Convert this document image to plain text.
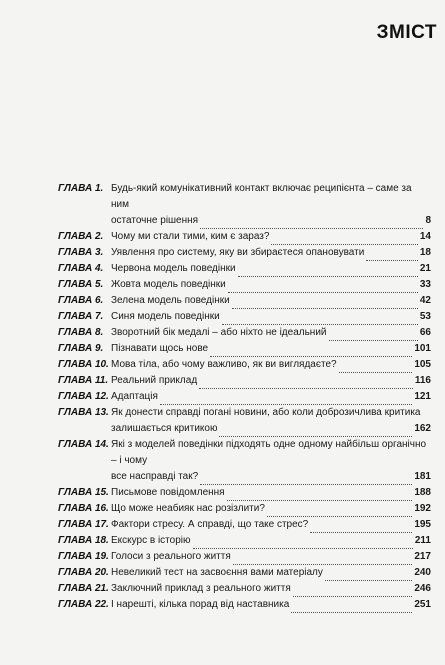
ЗМІСТ
ГЛАВА 1. Будь-який комунікативний контакт включає реципієнта – саме за ним
остаточне рішення	8
ГЛАВА 2. Чому ми стали тими, ким є зараз?	14
ГЛАВА 3. Уявлення про систему, яку ви збираєтеся опановувати	18
ГЛАВА 4. Червона модель поведінки	21
ГЛАВА 5. Жовта модель поведінки	33
ГЛАВА 6. Зелена модель поведінки	42
ГЛАВА 7. Синя модель поведінки	53
ГЛАВА 8. Зворотний бік медалі – або ніхто не ідеальний	66
ГЛАВА 9. Пізнавати щось нове	101
ГЛАВА 10. Мова тіла, або чому важливо, як ви виглядаєте?	105
ГЛАВА 11. Реальний приклад	116
ГЛАВА 12. Адаптація	121
ГЛАВА 13. Як донести справді погані новини, або коли доброзичлива критика
залишається критикою	162
ГЛАВА 14. Які з моделей поведінки підходять одне одному найбільш органічно – і чому
все насправді так?	181
ГЛАВА 15. Письмове повідомлення	188
ГЛАВА 16. Що може неабияк нас розізлити?	192
ГЛАВА 17. Фактори стресу. А справді, що таке стрес?	195
ГЛАВА 18. Екскурс в історію	211
ГЛАВА 19. Голоси з реального життя	217
ГЛАВА 20. Невеликий тест на засвоєння вами матеріалу	240
ГЛАВА 21. Заключний приклад з реального життя	246
ГЛАВА 22. І нарешті, кілька порад від наставника	251
